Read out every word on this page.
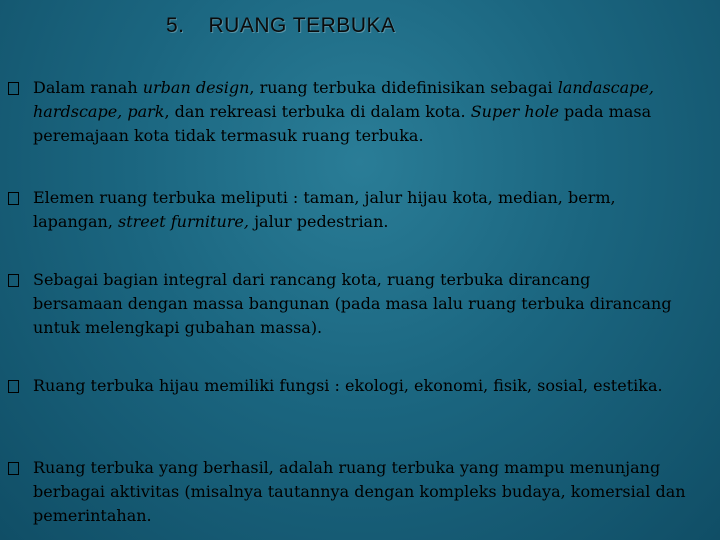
5. RUANG TERBUKA
Dalam ranah urban design, ruang terbuka didefinisikan sebagai landascape, hardscape, park, dan rekreasi terbuka di dalam kota. Super hole pada masa peremajaan kota tidak termasuk ruang terbuka.
Elemen ruang terbuka meliputi : taman, jalur hijau kota, median, berm, lapangan, street furniture, jalur pedestrian.
Sebagai bagian integral dari rancang kota, ruang terbuka dirancang bersamaan dengan massa bangunan (pada masa lalu ruang terbuka dirancang untuk melengkapi gubahan massa).
Ruang terbuka hijau memiliki fungsi : ekologi, ekonomi, fisik, sosial, estetika.
Ruang terbuka yang berhasil, adalah ruang terbuka yang mampu menunjang berbagai aktivitas (misalnya tautannya dengan kompleks budaya, komersial dan pemerintahan.
